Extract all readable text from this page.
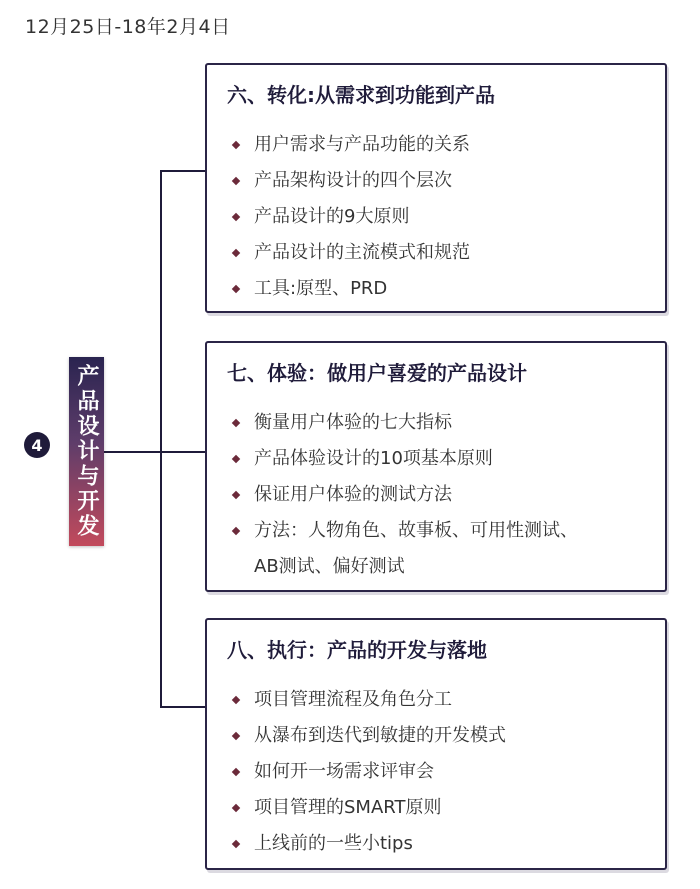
12月25日-18年2月4日
4	产品设计与开发
六、转化:从需求到功能到产品
用户需求与产品功能的关系
产品架构设计的四个层次
产品设计的9大原则
产品设计的主流模式和规范
工具:原型、PRD
七、体验：做用户喜爱的产品设计
衡量用户体验的七大指标
产品体验设计的10项基本原则
保证用户体验的测试方法
方法：人物角色、故事板、可用性测试、
AB测试、偏好测试
八、执行：产品的开发与落地
项目管理流程及角色分工
从瀑布到迭代到敏捷的开发模式
如何开一场需求评审会
项目管理的SMART原则
上线前的一些小tips
